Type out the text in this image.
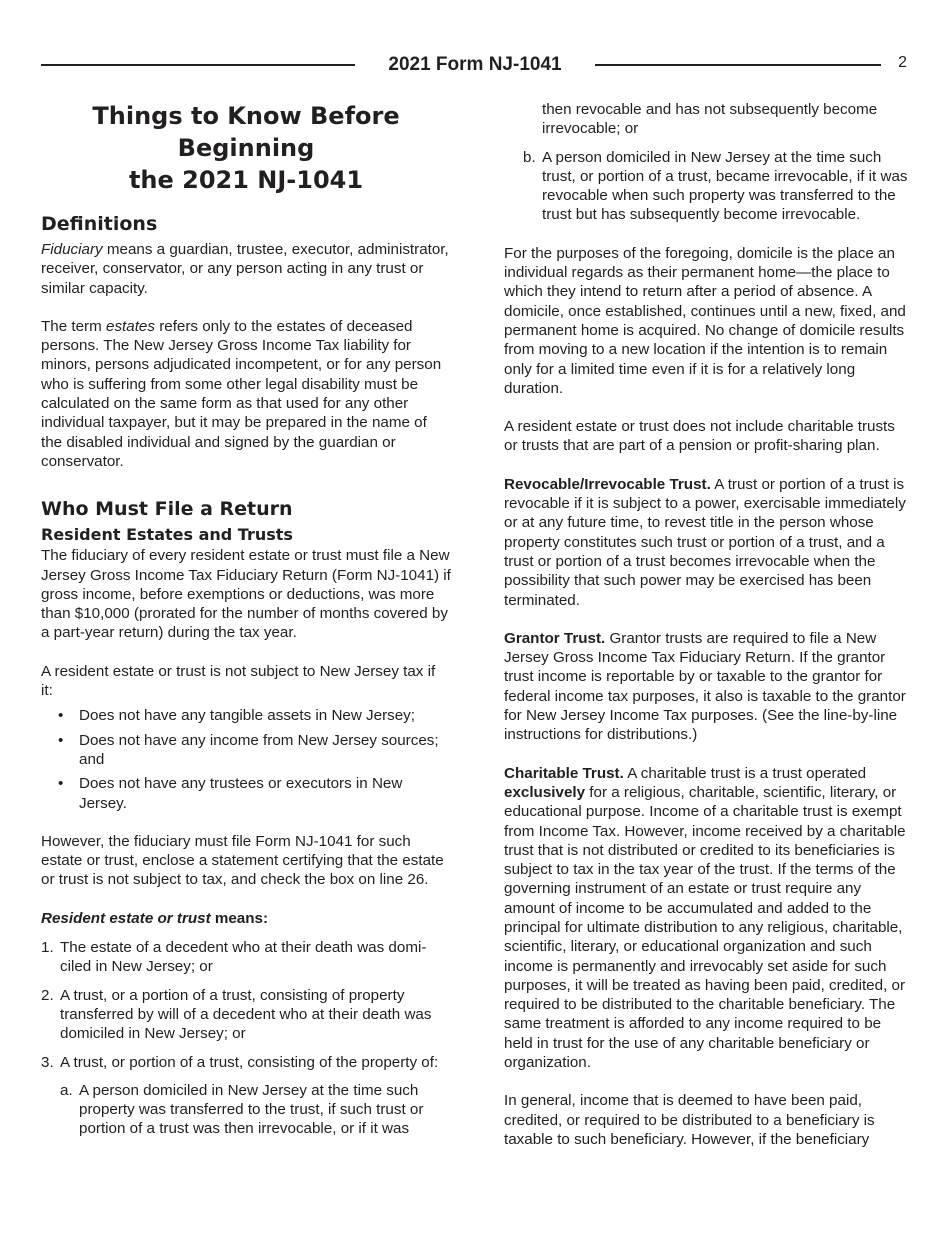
2021 Form NJ-1041	2
Things to Know Before Beginning
the 2021 NJ-1041
Definitions

Fiduciary means a guardian, trustee, executor, administrator, receiver, conservator, or any person acting in any trust or similar capacity.

The term estates refers only to the estates of deceased persons. The New Jersey Gross Income Tax liability for minors, persons adjudicated incompetent, or for any person who is suffering from some other legal disability must be calculated on the same form as that used for any other individual taxpayer, but it may be prepared in the name of the disabled individual and signed by the guardian or conservator.

Who Must File a Return
Resident Estates and Trusts

The fiduciary of every resident estate or trust must file a New Jersey Gross Income Tax Fiduciary Return (Form NJ-1041) if gross income, before exemptions or deductions, was more than $10,000 (prorated for the number of months covered by a part-year return) during the tax year.

A resident estate or trust is not subject to New Jersey tax if it:

• Does not have any tangible assets in New Jersey;
• Does not have any income from New Jersey sources; and
• Does not have any trustees or executors in New Jersey.

However, the fiduciary must file Form NJ-1041 for such estate or trust, enclose a statement certifying that the estate or trust is not subject to tax, and check the box on line 26.

Resident estate or trust means:

1. The estate of a decedent who at their death was domiciled in New Jersey; or
2. A trust, or a portion of a trust, consisting of property transferred by will of a decedent who at their death was domiciled in New Jersey; or
3. A trust, or portion of a trust, consisting of the property of:
a. A person domiciled in New Jersey at the time such property was transferred to the trust, if such trust or portion of a trust was then irrevocable, or if it was

then revocable and has not subsequently become irrevocable; or

b. A person domiciled in New Jersey at the time such trust, or portion of a trust, became irrevocable, if it was revocable when such property was transferred to the trust but has subsequently become irrevocable.

For the purposes of the foregoing, domicile is the place an individual regards as their permanent home—the place to which they intend to return after a period of absence. A domicile, once established, continues until a new, fixed, and permanent home is acquired. No change of domicile results from moving to a new location if the intention is to remain only for a limited time even if it is for a relatively long duration.

A resident estate or trust does not include charitable trusts or trusts that are part of a pension or profit-sharing plan.

Revocable/Irrevocable Trust. A trust or portion of a trust is revocable if it is subject to a power, exercisable immediately or at any future time, to revest title in the person whose property constitutes such trust or portion of a trust, and a trust or portion of a trust becomes irrevocable when the possibility that such power may be exercised has been terminated.

Grantor Trust. Grantor trusts are required to file a New Jersey Gross Income Tax Fiduciary Return. If the grantor trust income is reportable by or taxable to the grantor for federal income tax purposes, it also is taxable to the grantor for New Jersey Income Tax purposes. (See the line-by-line instructions for distributions.)

Charitable Trust. A charitable trust is a trust operated exclusively for a religious, charitable, scientific, literary, or educational purpose. Income of a charitable trust is exempt from Income Tax. However, income received by a charitable trust that is not distributed or credited to its beneficiaries is subject to tax in the tax year of the trust. If the terms of the governing instrument of an estate or trust require any amount of income to be accumulated and added to the principal for ultimate distribution to any religious, charitable, scientific, literary, or educational organization and such income is permanently and irrevocably set aside for such purposes, it will be treated as having been paid, credited, or required to be distributed to the charitable beneficiary. The same treatment is afforded to any income required to be held in trust for the use of any charitable beneficiary or organization.

In general, income that is deemed to have been paid, credited, or required to be distributed to a beneficiary is taxable to such beneficiary. However, if the beneficiary
